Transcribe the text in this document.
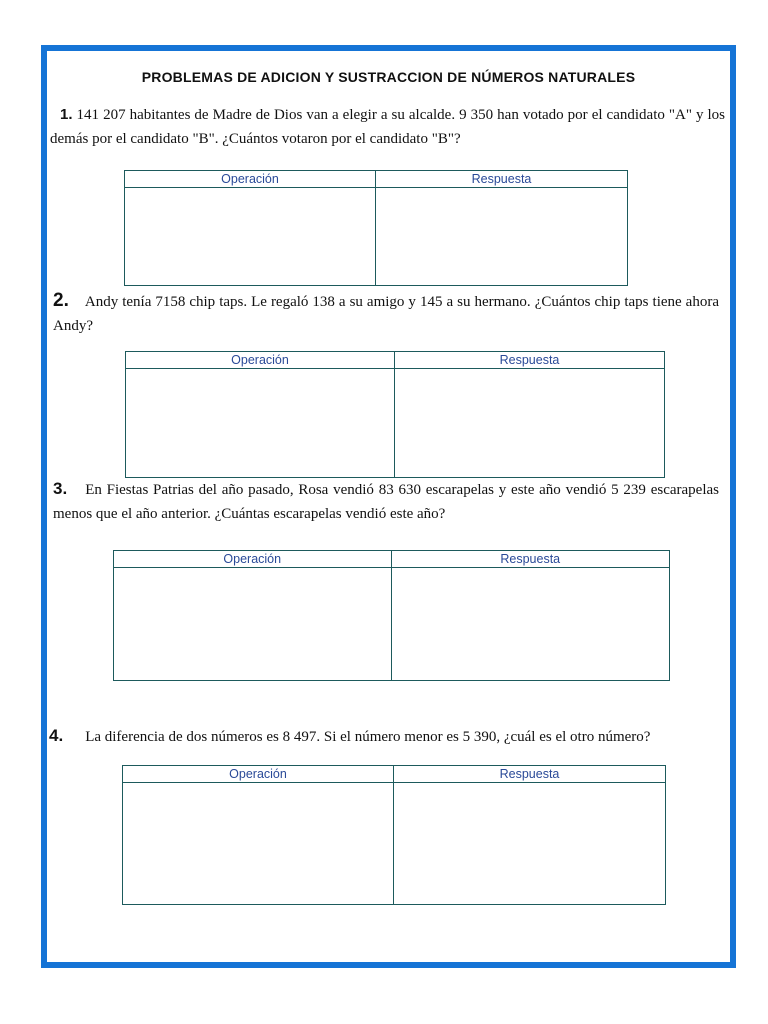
PROBLEMAS DE ADICION Y SUSTRACCION DE NÚMEROS NATURALES
1. 141 207 habitantes de Madre de Dios van a elegir a su alcalde. 9 350 han votado por el candidato "A" y los demás por el candidato "B". ¿Cuántos votaron por el candidato "B"?
Operación	Respuesta
2. Andy tenía 7158 chip taps. Le regaló 138 a su amigo y 145 a su hermano. ¿Cuántos chip taps tiene ahora Andy?
Operación	Respuesta
3. En Fiestas Patrias del año pasado, Rosa vendió 83 630 escarapelas y este año vendió 5 239 escarapelas menos que el año anterior. ¿Cuántas escarapelas vendió este año?
Operación	Respuesta
4. La diferencia de dos números es 8 497. Si el número menor es 5 390, ¿cuál es el otro número?
Operación	Respuesta
